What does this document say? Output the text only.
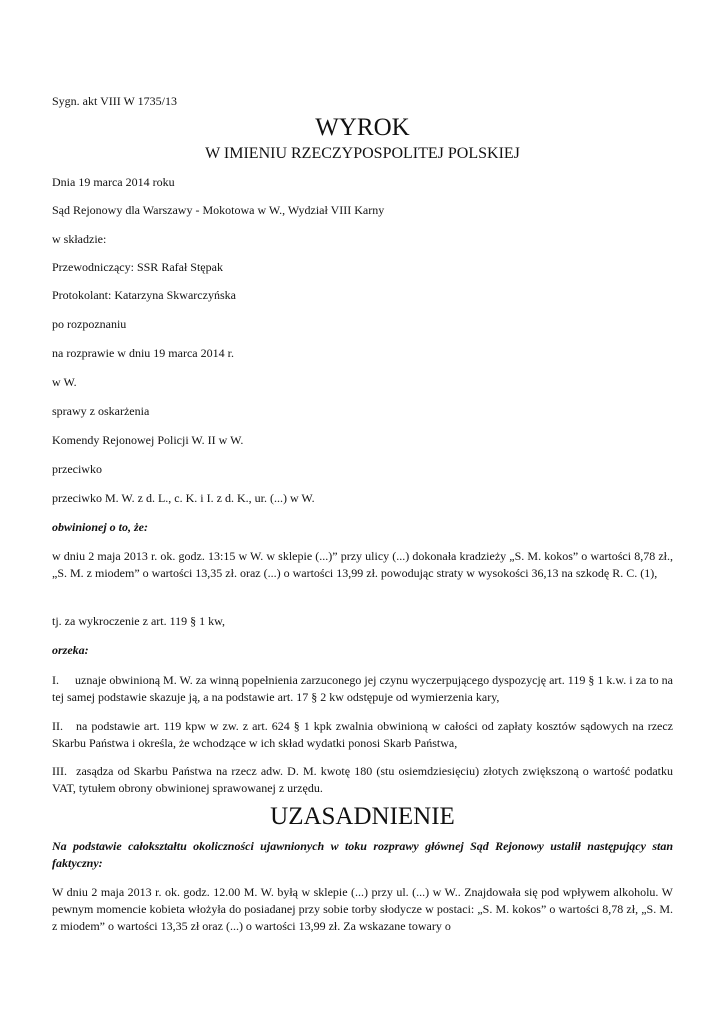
Sygn. akt VIII W 1735/13

WYROK

W IMIENIU RZECZYPOSPOLITEJ POLSKIEJ

Dnia 19 marca 2014 roku

Sąd Rejonowy dla Warszawy - Mokotowa w W., Wydział VIII Karny

w składzie:

Przewodniczący: SSR Rafał Stępak

Protokolant: Katarzyna Skwarczyńska

po rozpoznaniu

na rozprawie w dniu 19 marca 2014 r.

w W.

sprawy z oskarżenia

Komendy Rejonowej Policji W. II w W.

przeciwko

przeciwko M. W. z d. L., c. K. i I. z d. K., ur. (...) w W.

obwinionej o to, że:

w dniu 2 maja 2013 r. ok. godz. 13:15 w W. w sklepie (...)” przy ulicy (...) dokonała kradzieży „S. M. kokos” o wartości 8,78 zł., „S. M. z miodem” o wartości 13,35 zł. oraz (...) o wartości 13,99 zł. powodując straty w wysokości 36,13 na szkodę R. C. (1),

tj. za wykroczenie z art. 119 § 1 kw,

orzeka:

I. uznaje obwinioną M. W. za winną popełnienia zarzuconego jej czynu wyczerpującego dyspozycję art. 119 § 1 k.w. i za to na tej samej podstawie skazuje ją, a na podstawie art. 17 § 2 kw odstępuje od wymierzenia kary,

II. na podstawie art. 119 kpw w zw. z art. 624 § 1 kpk zwalnia obwinioną w całości od zapłaty kosztów sądowych na rzecz Skarbu Państwa i określa, że wchodzące w ich skład wydatki ponosi Skarb Państwa,

III. zasądza od Skarbu Państwa na rzecz adw. D. M. kwotę 180 (stu osiemdziesięciu) złotych zwiększoną o wartość podatku VAT, tytułem obrony obwinionej sprawowanej z urzędu.

UZASADNIENIE

Na podstawie całokształtu okoliczności ujawnionych w toku rozprawy głównej Sąd Rejonowy ustalił następujący stan faktyczny:

W dniu 2 maja 2013 r. ok. godz. 12.00 M. W. byłą w sklepie (...) przy ul. (...) w W.. Znajdowała się pod wpływem alkoholu. W pewnym momencie kobieta włożyła do posiadanej przy sobie torby słodycze w postaci: „S. M. kokos” o wartości 8,78 zł, „S. M. z miodem” o wartości 13,35 zł oraz (...) o wartości 13,99 zł. Za wskazane towary o
